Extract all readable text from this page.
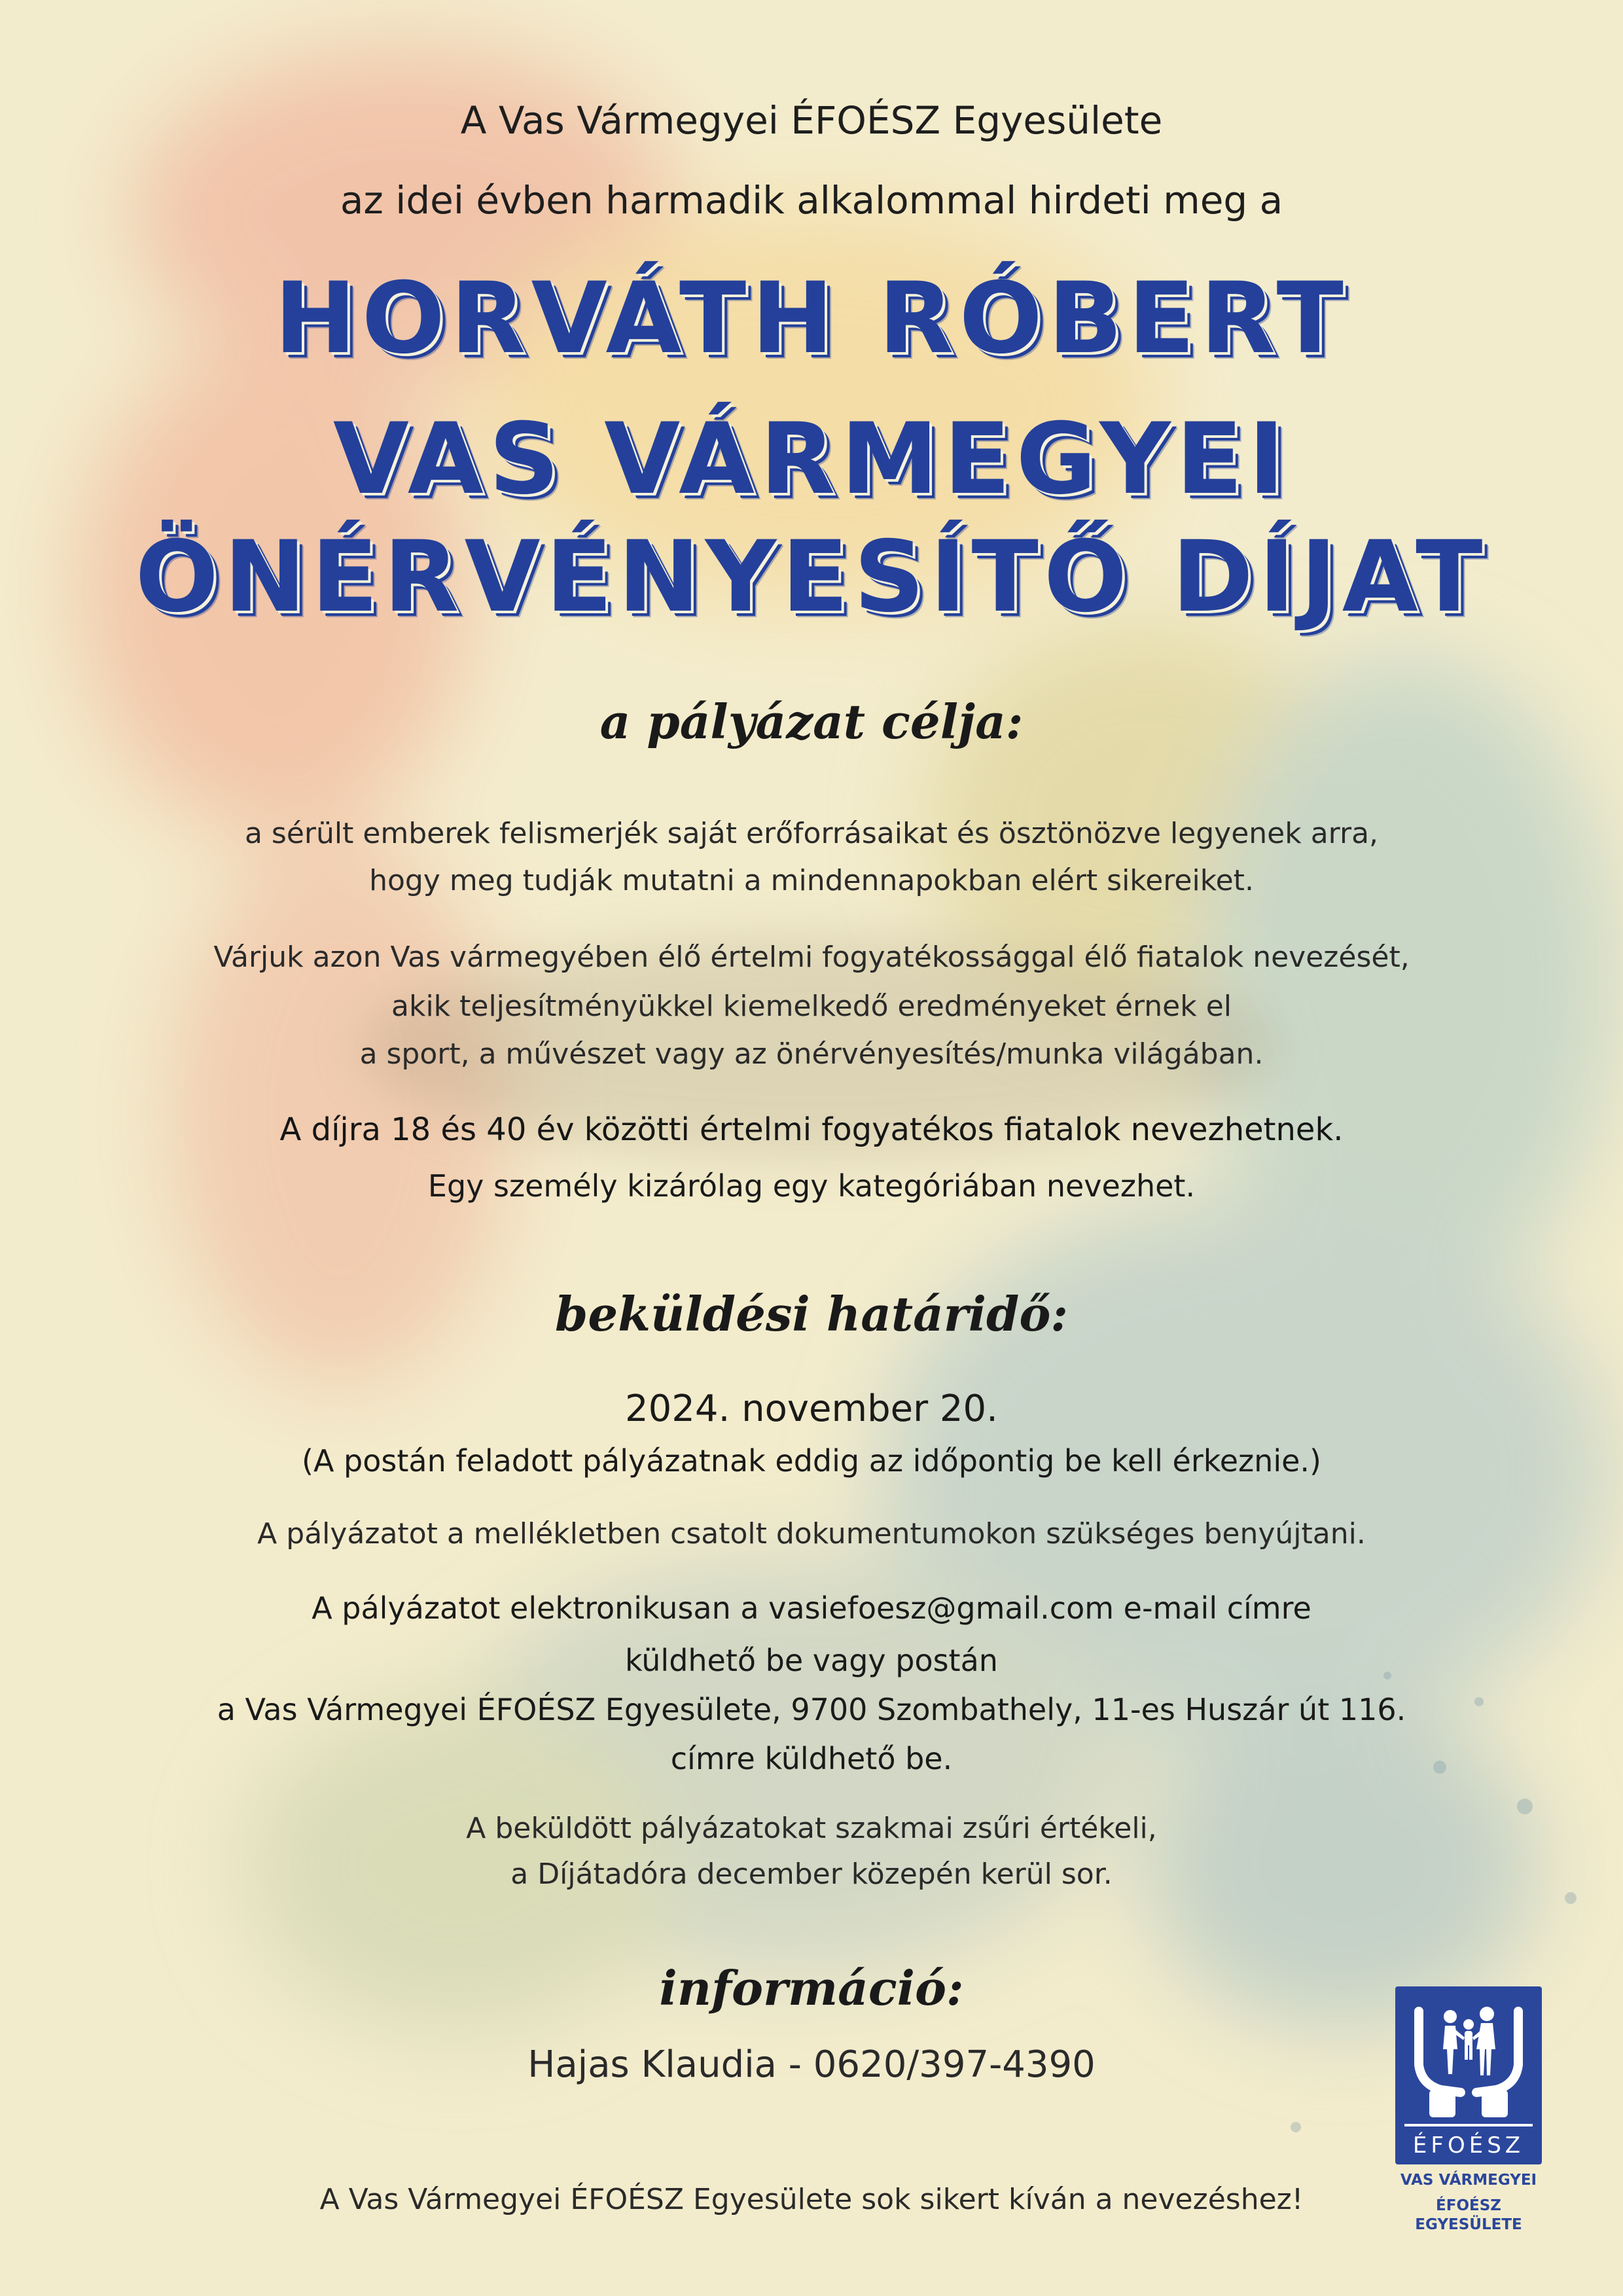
A Vas Vármegyei ÉFOÉSZ Egyesülete
az idei évben harmadik alkalommal hirdeti meg a
HORVÁTH RÓBERT
VAS VÁRMEGYEI
ÖNÉRVÉNYESÍTŐ DÍJAT
a pályázat célja:
a sérült emberek felismerjék saját erőforrásaikat és ösztönözve legyenek arra,
hogy meg tudják mutatni a mindennapokban elért sikereiket.
Várjuk azon Vas vármegyében élő értelmi fogyatékossággal élő fiatalok nevezését,
akik teljesítményükkel kiemelkedő eredményeket érnek el
a sport, a művészet vagy az önérvényesítés/munka világában.
A díjra 18 és 40 év közötti értelmi fogyatékos fiatalok nevezhetnek.
Egy személy kizárólag egy kategóriában nevezhet.
beküldési határidő:
2024. november 20.
(A postán feladott pályázatnak eddig az időpontig be kell érkeznie.)
A pályázatot a mellékletben csatolt dokumentumokon szükséges benyújtani.
A pályázatot elektronikusan a vasiefoesz@gmail.com e-mail címre
küldhető be vagy postán
a Vas Vármegyei ÉFOÉSZ Egyesülete, 9700 Szombathely, 11-es Huszár út 116.
címre küldhető be.
A beküldött pályázatokat szakmai zsűri értékeli,
a Díjátadóra december közepén kerül sor.
információ:
Hajas Klaudia - 0620/397-4390
A Vas Vármegyei ÉFOÉSZ Egyesülete sok sikert kíván a nevezéshez!
ÉFOÉSZ
VAS VÁRMEGYEI
ÉFOÉSZ EGYESÜLETE
